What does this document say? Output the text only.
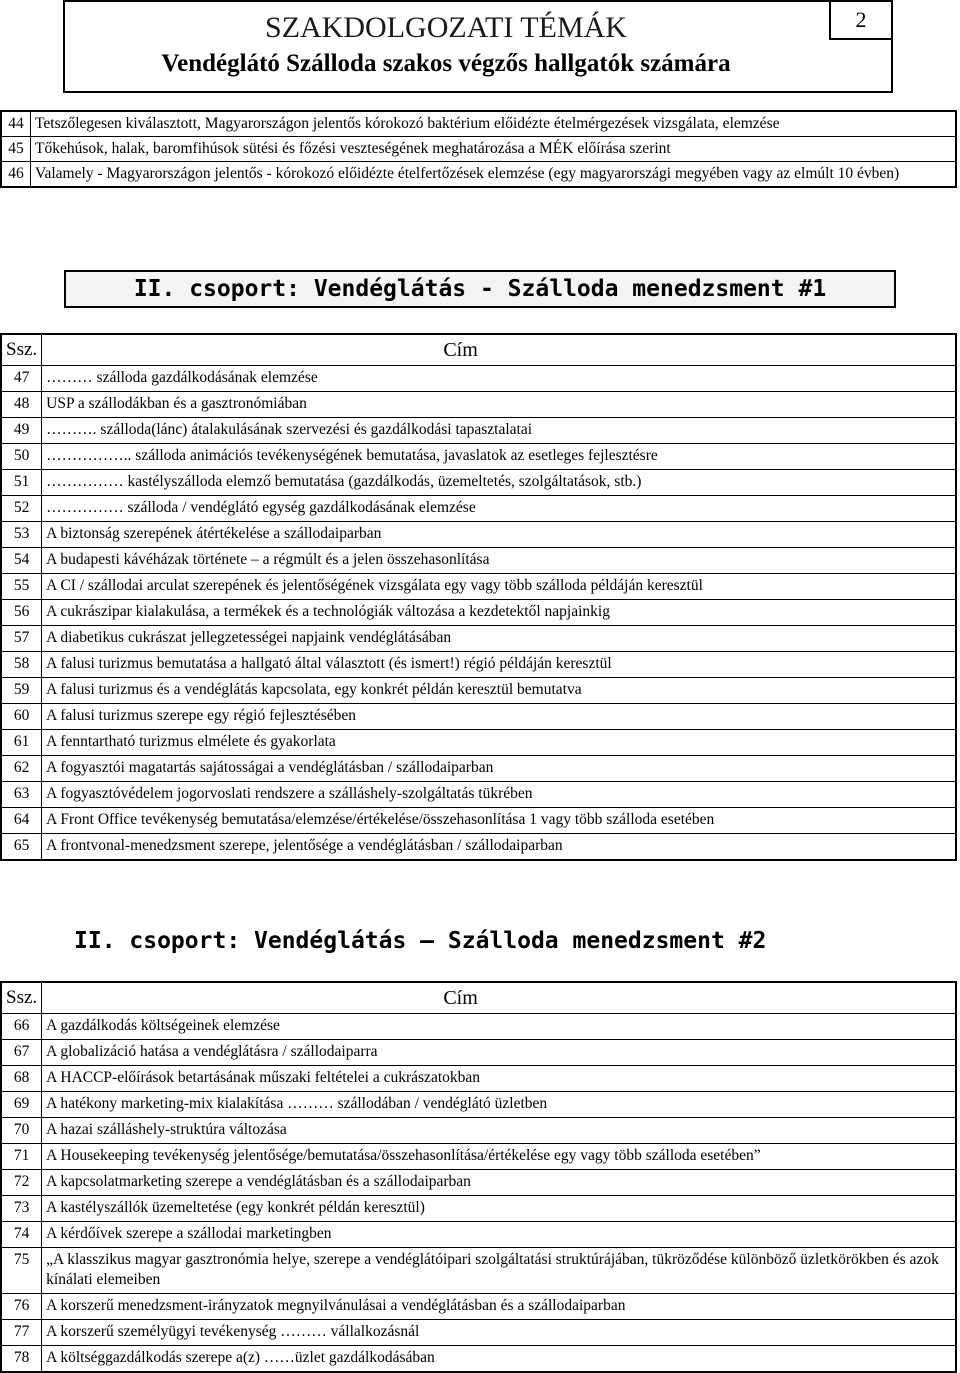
SZAKDOLGOZATI TÉMÁK
Vendéglátó Szálloda szakos végzős hallgatók számára
2
44	Tetszőlegesen kiválasztott, Magyarországon jelentős kórokozó baktérium előidézte ételmérgezések vizsgálata, elemzése
45	Tőkehúsok, halak, baromfihúsok sütési és főzési veszteségének meghatározása a MÉK előírása szerint
46	Valamely - Magyarországon jelentős - kórokozó előidézte ételfertőzések elemzése (egy magyarországi megyében vagy az elmúlt 10 évben)
II. csoport: Vendéglátás - Szálloda menedzsment #1
Ssz.	Cím
47	……… szálloda gazdálkodásának elemzése
48	USP a szállodákban és a gasztronómiában
49	………. szálloda(lánc) átalakulásának szervezési és gazdálkodási tapasztalatai
50	…………….. szálloda animációs tevékenységének bemutatása, javaslatok az esetleges fejlesztésre
51	…………… kastélyszálloda elemző bemutatása (gazdálkodás, üzemeltetés, szolgáltatások, stb.)
52	…………… szálloda / vendéglátó egység gazdálkodásának elemzése
53	A biztonság szerepének átértékelése a szállodaiparban
54	A budapesti kávéházak története – a régmúlt és a jelen összehasonlítása
55	A CI / szállodai arculat szerepének és jelentőségének vizsgálata egy vagy több szálloda példáján keresztül
56	A cukrászipar kialakulása, a termékek és a technológiák változása a kezdetektől napjainkig
57	A diabetikus cukrászat jellegzetességei napjaink vendéglátásában
58	A falusi turizmus bemutatása a hallgató által választott (és ismert!) régió példáján keresztül
59	A falusi turizmus és a vendéglátás kapcsolata, egy konkrét példán keresztül bemutatva
60	A falusi turizmus szerepe egy régió fejlesztésében
61	A fenntartható turizmus elmélete és gyakorlata
62	A fogyasztói magatartás sajátosságai a vendéglátásban / szállodaiparban
63	A fogyasztóvédelem jogorvoslati rendszere a szálláshely-szolgáltatás tükrében
64	A Front Office tevékenység bemutatása/elemzése/értékelése/összehasonlítása 1 vagy több szálloda esetében
65	A frontvonal-menedzsment szerepe, jelentősége a vendéglátásban / szállodaiparban
II. csoport: Vendéglátás – Szálloda menedzsment #2
Ssz.	Cím
66	A gazdálkodás költségeinek elemzése
67	A globalizáció hatása a vendéglátásra / szállodaiparra
68	A HACCP-előírások betartásának műszaki feltételei a cukrászatokban
69	A hatékony marketing-mix kialakítása ……… szállodában / vendéglátó üzletben
70	A hazai szálláshely-struktúra változása
71	A Housekeeping tevékenység jelentősége/bemutatása/összehasonlítása/értékelése egy vagy több szálloda esetében”
72	A kapcsolatmarketing szerepe a vendéglátásban és a szállodaiparban
73	A kastélyszállók üzemeltetése (egy konkrét példán keresztül)
74	A kérdőívek szerepe a szállodai marketingben
75	„A klasszikus magyar gasztronómia helye, szerepe a vendéglátóipari szolgáltatási struktúrájában, tükröződése különböző üzletkörökben és azok kínálati elemeiben
76	A korszerű menedzsment-irányzatok megnyilvánulásai a vendéglátásban és a szállodaiparban
77	A korszerű személyügyi tevékenység ……… vállalkozásnál
78	A költséggazdálkodás szerepe a(z) ……üzlet gazdálkodásában
